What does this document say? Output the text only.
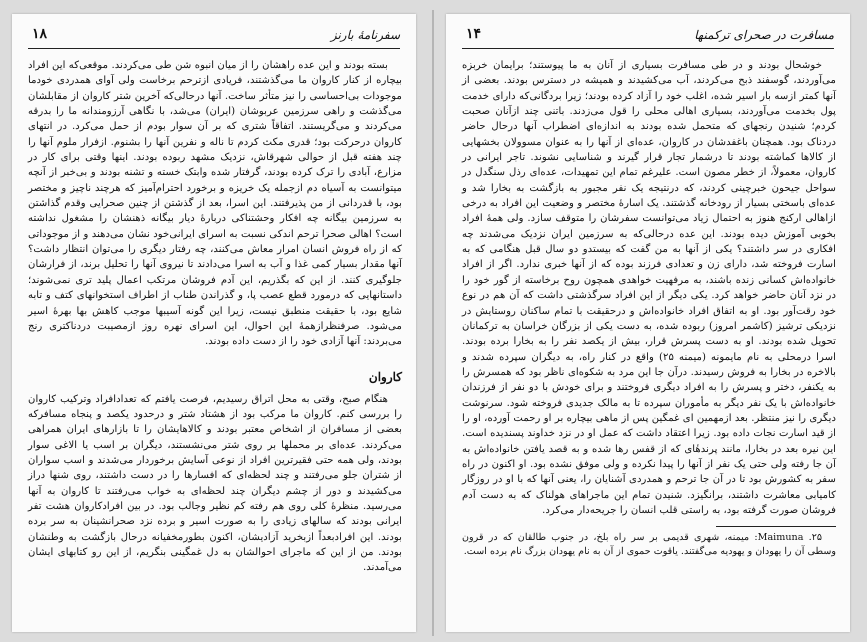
سفرنامهٔ بارنز
۱۸

بسته بودند و این عده راهشان را از میان انبوه شن طی می‌کردند. موقعی‌که این افراد بیچاره از کنار کاروان ما می‌گذشتند، فریادی ازترحم برخاست ولی آوای همدردی خودما موجودات بی‌احساسی را نیز متأثر ساخت. آنها درحالی‌که آخرین شتر کاروان از مقابلشان می‌گذشت و راهی سرزمین عربوشان (ایران) می‌شد، با نگاهی آرزومندانه ما را بدرقه می‌کردند و می‌گریستند. اتفاقاً شتری که بر آن سوار بودم از حمل می‌کرد. در انتهای کاروان درحرکت بود؛ قدری مکث کردم تا ناله و نفرین آنها را بشنوم. ازفرار ملوم آنها را چند هفته قبل از حوالی شهرقاش، نزدیک مشهد ربوده بودند. اینها وقتی برای کار در مزارع، آبادی را ترک کرده بودند، گرفتار شده وابتک خسته و تشنه بودند و بی‌خبر از آنچه میتوانست به آسیاه دم ازجمله یک خریزه و برخورد احترام‌آمیز که هرچند ناچیز و مختصر بود، با قدردانی از من پذیرفتند. این اسرا، بعد از گذشتن از چنین صحرایی وقدم گذاشتن به سرزمین بیگانه چه افکار وحشتناکی درباره‌ٔ دیار بیگانه ذهنشان را مشغول نداشته است؟ اهالی صحرا ترحم اندکی نسبت به اسرای ایرانی‌خود نشان می‌دهند و از موجوداتی که از راه فروش انسان امرار معاش می‌کنند، چه رفتار دیگری را می‌توان انتظار داشت؟ آنها مقدار بسیار کمی غذا و آب به اسرا می‌دادند تا نیروی آنها را تحلیل برند، از فرارشان جلوگیری کنند. از این که بگذریم، این آدم فروشان مرتکب اعمال پلید تری نمی‌شوند؛ داستانهایی که درمورد قطع عصب پا، و گذراندن طناب از اطراف استخوانهای کتف و تابه شایع بود، با حقیقت منطبق نیست، زیرا این گونه آسیبها موجب کاهش بها بهره‌ٔ اسیر می‌شود. صرفنظرازهمهٔ این احوال، این اسرای نهره روز ازمصیبت دردناکتری رنج می‌بردند: آنها آزادی خود را از دست داده بودند.

کاروان

هنگام صبح، وقتی به محل اتراق رسیدیم، فرصت یافتم که تعدادافراد وترکیب کاروان را بررسی کنم. کاروان ما مرکب بود از هشتاد شتر و درحدود یکصد و پنجاه مسافرکه بعضی از مسافران از اشخاص معتبر بودند و کالاهایشان را تا بازارهای ایران همراهی می‌کردند. عده‌ای بر محملها بر روی شتر می‌نشستند، دیگران بر اسب یا الاغی سوار بودند، ولی همه حتی فقیرترین افراد از نوعی آسایش برخوردار می‌شدند و اسب سواران از شتران جلو می‌رفتند و چند لحظه‌ای که افسارها را در دست داشتند، روی شنها دراز می‌کشیدند و دور از چشم دیگران چند لحظه‌ای به خواب می‌رفتند تا کاروان به آنها می‌رسید. منظره‌ٔ کلی روی هم رفته کم نظیر وجالب بود. در بین افرادکاروان هشت تفر ایرانی بودند که سالهای زیادی را به صورت اسیر و برده نزد صحرانشینان به سر برده بودند. این افرادبعداً ازبخرید آزادیشان، اکنون بطورمخفیانه درحال بازگشت به وطنشان بودند. من از این که ماجرای احوالشان به دل غمگینی بنگریم، از این رو کتابهای ایشان می‌آمدند.

مسافرت در صحرای ترکمنها
۱۴

خوشحال بودند و در طی مسافرت بسیاری از آنان به ما پیوستند؛ برایمان خربزه می‌آوردند، گوسفند ذبح می‌کردند، آب می‌کشیدند و همیشه در دسترس بودند. بعضی از آنها کمتر ازسه بار اسیر شده، اغلب خود را آزاد کرده بودند؛ زیرا بردگانی‌که دارای خدمت پول بخدمت می‌آوردند، بسیاری اهالی محلی را قول می‌زدند. باتنی چند ازآنان صحبت کردم؛ شنیدن رنجهای که متحمل شده بودند به اندازه‌ای اضطراب آنها درحال حاضر دردناک بود. همچنان باغفدشان در کاروان، عده‌ای از آنها را به عنوان مسوولان بخشهایی از کالاها کماشته بودند تا درشمار تجار قرار گیرند و شناسایی نشوند. تاجر ایرانی در کاروان، معمولاً، از خطر مصون است. علیرغم تمام این تمهیدات، عده‌ای رذل سنگدل در سواحل جیحون خبرچینی کردند، که درنتیجه یک نفر مجبور به بازگشت به بخارا شد و عده‌ای باسختی بسیار از رودخانه گذشتند. یک اسارهٔ مختصر و وضعیت این افراد به درخی ازاهالی ارکنج هنوز به احتمال زیاد می‌توانست سفرشان را متوقف سازد. ولی همه‌ٔ افراد بخوبی آموزش دیده بودند. این عده درحالی‌که به سرزمین ایران نزدیک می‌شدند چه افکاری در سر داشتند؟ یکی از آنها به من گفت که بیستدو دو سال قبل هنگامی که به اسارت فروخته شد، دارای زن و تعدادی فرزند بوده که از آنها خبری ندارد. اگر از افراد خانواده‌اش کسانی زنده باشند، به مرفهیت خواهدی همچون روح برخاسته از گور خود را در نزد آنان حاضر خواهد کرد. یکی دیگر از این افراد سرگذشتی داشت که آن هم در نوع خود رقت‌آور بود. او به اتفاق افراد خانواده‌اش و درحقیقت با تمام ساکنان روستایش در نزدیکی ترشیز (کاشمر امروز) ربوده شده، به دست یکی از بزرگان خراسان به ترکمانان تحویل شده بودند. او به دست پسرش قرار، بیش از یکصد نفر را به بخارا برده بودند. اسرا درمحلی به نام مایمونه (میمنه ۲۵) واقع در کنار راه، به دیگران سپرده شدند و بالاخره در بخارا به فروش رسیدند. درآن جا این مرد به شکوه‌ای ناظر بود که همسرش را به یکنفر، دختر و پسرش را به افراد دیگری فروختند و برای خودش با دو نفر از فرزندان خانواده‌اش با یک نفر دیگر به مأموران سپرده تا به مالک جدیدی فروخته شود. سرنوشت دیگری را نیز منتظر. بعد ازمهمین ای غمگین پس از ماهی بیچاره بر او رحمت آورده، او را از قید اسارت نجات داده بود. زیرا اعتقاد داشت که عمل او در نزد خداوند پسندیده است. این نیره بعد در بخارا، مانند پرندهٔای که از قفس رها شده و به قصد یافتن خانواده‌اش به آن جا رفته ولی حتی یک نفر از آنها را پیدا نکرده و ولی موفق نشده بود. او اکنون در راه سفر به کشورش بود تا در آن جا ترحم و همدردی آشنایان را، یعنی آنها که با او در روزگار کامیابی معاشرت داشتند، برانگیزد. شنیدن تمام این ماجراهای هولناک که به دست آدم فروشان صورت گرفته بود، به راستی قلب انسان را جریحه‌دار می‌کرد.

۲۵. Maimuna: میمنه، شهری قدیمی بر سر راه بلخ، در جنوب طالقان که در قرون وسطی آن را یهودان و یهودیه می‌گفتند. یاقوت حموی از آن به نام یهودان بزرگ نام برده است.
